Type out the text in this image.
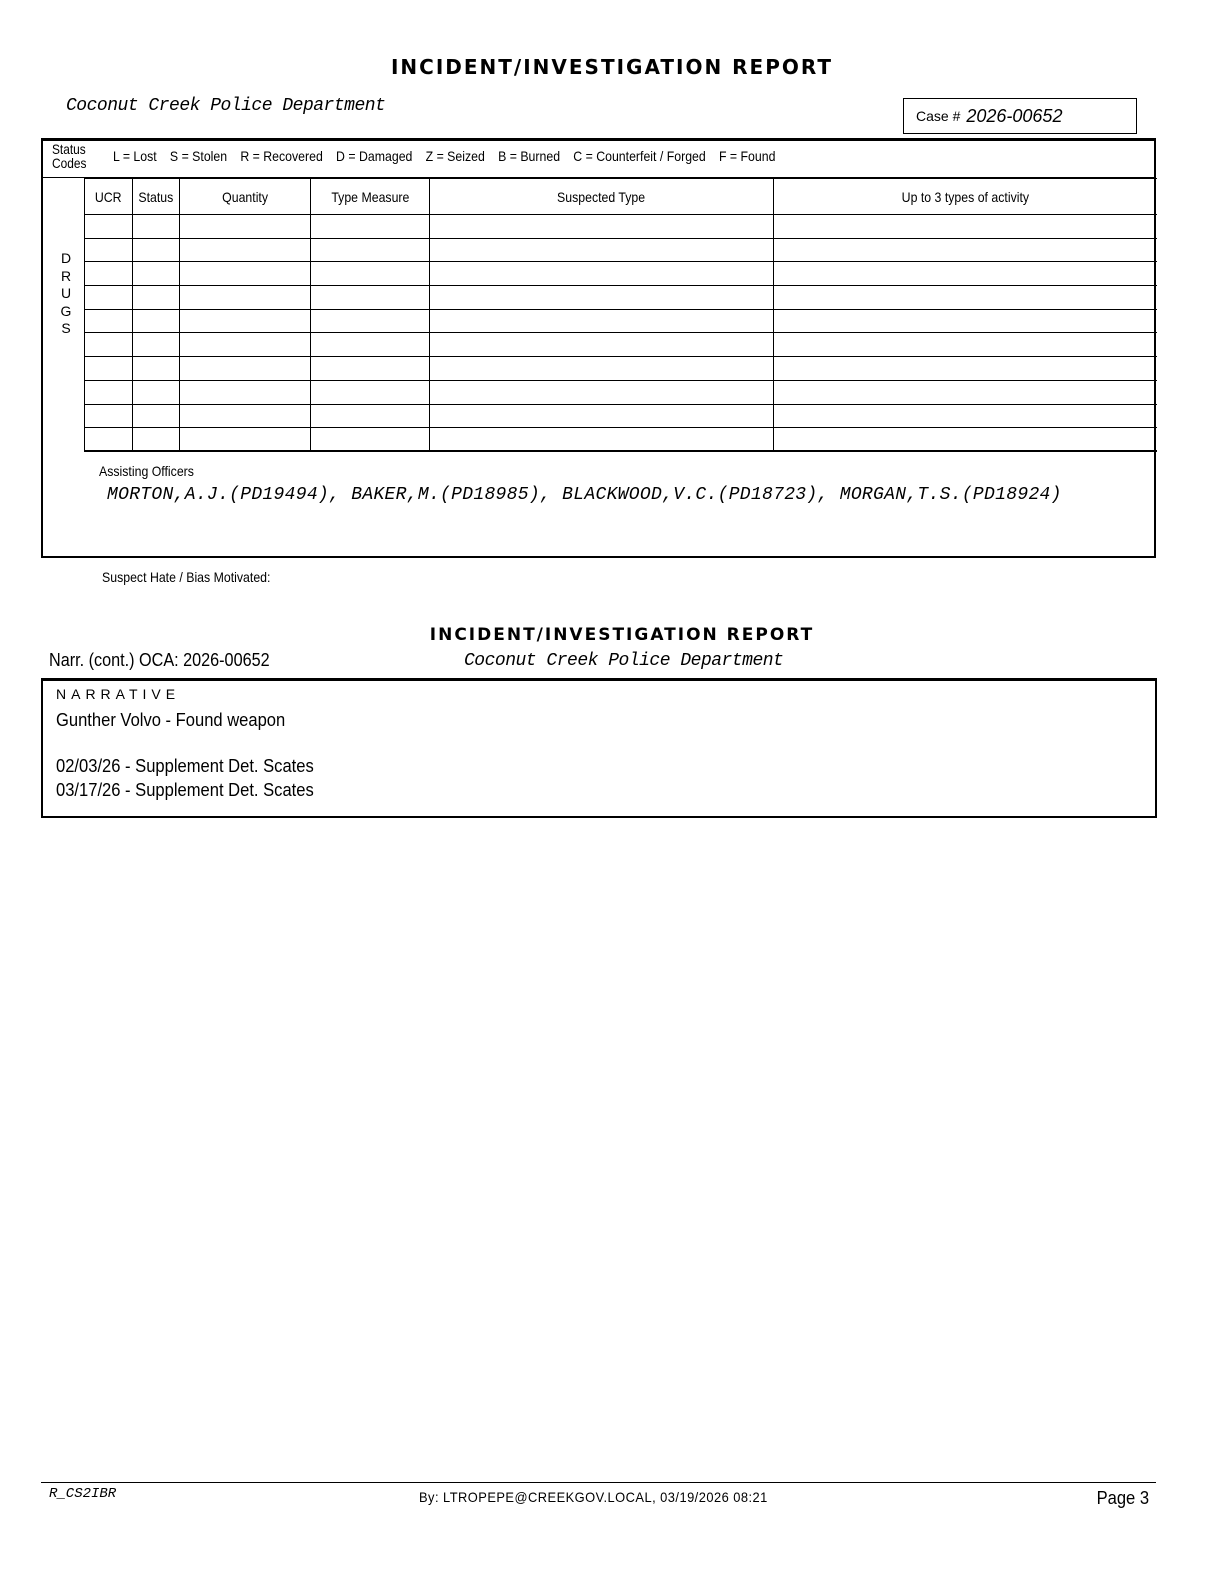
INCIDENT/INVESTIGATION REPORT
Coconut Creek Police Department	Case # 2026-00652
Status
Codes L = Lost S = Stolen R = Recovered D = Damaged Z = Seized B = Burned C = Counterfeit / Forged F = Found
D
R
U
G
S
UCR	Status	Quantity	Type Measure	Suspected Type	Up to 3 types of activity

Assisting Officers
MORTON,A.J.(PD19494), BAKER,M.(PD18985), BLACKWOOD,V.C.(PD18723), MORGAN,T.S.(PD18924)
Suspect Hate / Bias Motivated:
INCIDENT/INVESTIGATION REPORT
Narr. (cont.) OCA: 2026-00652	Coconut Creek Police Department
NARRATIVE
Gunther Volvo - Found weapon
02/03/26 - Supplement Det. Scates
03/17/26 - Supplement Det. Scates
R_CS2IBR	By: LTROPEPE@CREEKGOV.LOCAL, 03/19/2026 08:21	Page 3
